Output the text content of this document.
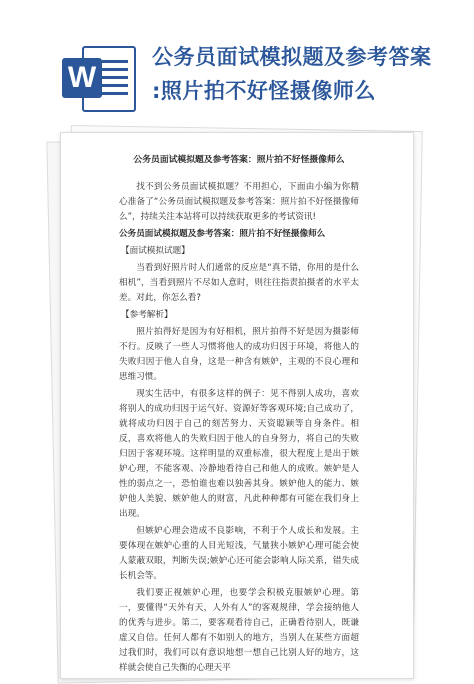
W
公务员面试模拟题及参考答案
:照片拍不好怪摄像师么
公务员面试模拟题及参考答案：照片拍不好怪摄像师么

找不到公务员面试模拟题？不用担心，下面由小编为你精心准备了“公务员面试模拟题及参考答案：照片拍不好怪摄像师么”，持续关注本站将可以持续获取更多的考试资讯!

公务员面试模拟题及参考答案：照片拍不好怪摄像师么

【面试模拟试题】

当看到好照片时人们通常的反应是“真不错，你用的是什么相机”，当看到照片不尽如人意时，则往往指责拍摄者的水平太差。对此，你怎么看?

【参考解析】

照片拍得好是因为有好相机，照片拍得不好是因为摄影师不行。反映了一些人习惯将他人的成功归因于环境，将他人的失败归因于他人自身，这是一种含有嫉妒，主观的不良心理和思维习惯。

现实生活中，有很多这样的例子：见不得别人成功，喜欢将别人的成功归因于运气好、资源好等客观环境;自己成功了，就将成功归因于自己的刻苦努力、天资聪颖等自身条件。相反，喜欢将他人的失败归因于他人的自身努力，将自己的失败归因于客观环境。这样明显的双重标准，很大程度上是出于嫉妒心理，不能客观、冷静地看待自己和他人的成败。嫉妒是人性的弱点之一，恐怕谁也难以独善其身。嫉妒他人的能力、嫉妒他人美貌、嫉妒他人的财富，凡此种种都有可能在我们身上出现。

但嫉妒心理会造成不良影响，不利于个人成长和发展。主要体现在嫉妒心重的人目光短浅，气量狭小嫉妒心理可能会使人蒙蔽双眼，判断失误;嫉妒心还可能会影响人际关系，错失成长机会等。

我们要正视嫉妒心理，也要学会积极克服嫉妒心理。第一，要懂得“天外有天，人外有人”的客观规律，学会接纳他人的优秀与进步。第二，要客观看待自己，正确看待别人，既谦虚又自信。任何人都有不如别人的地方，当别人在某些方面超过我们时，我们可以有意识地想一想自己比别人好的地方，这样就会使自己失衡的心理天平
